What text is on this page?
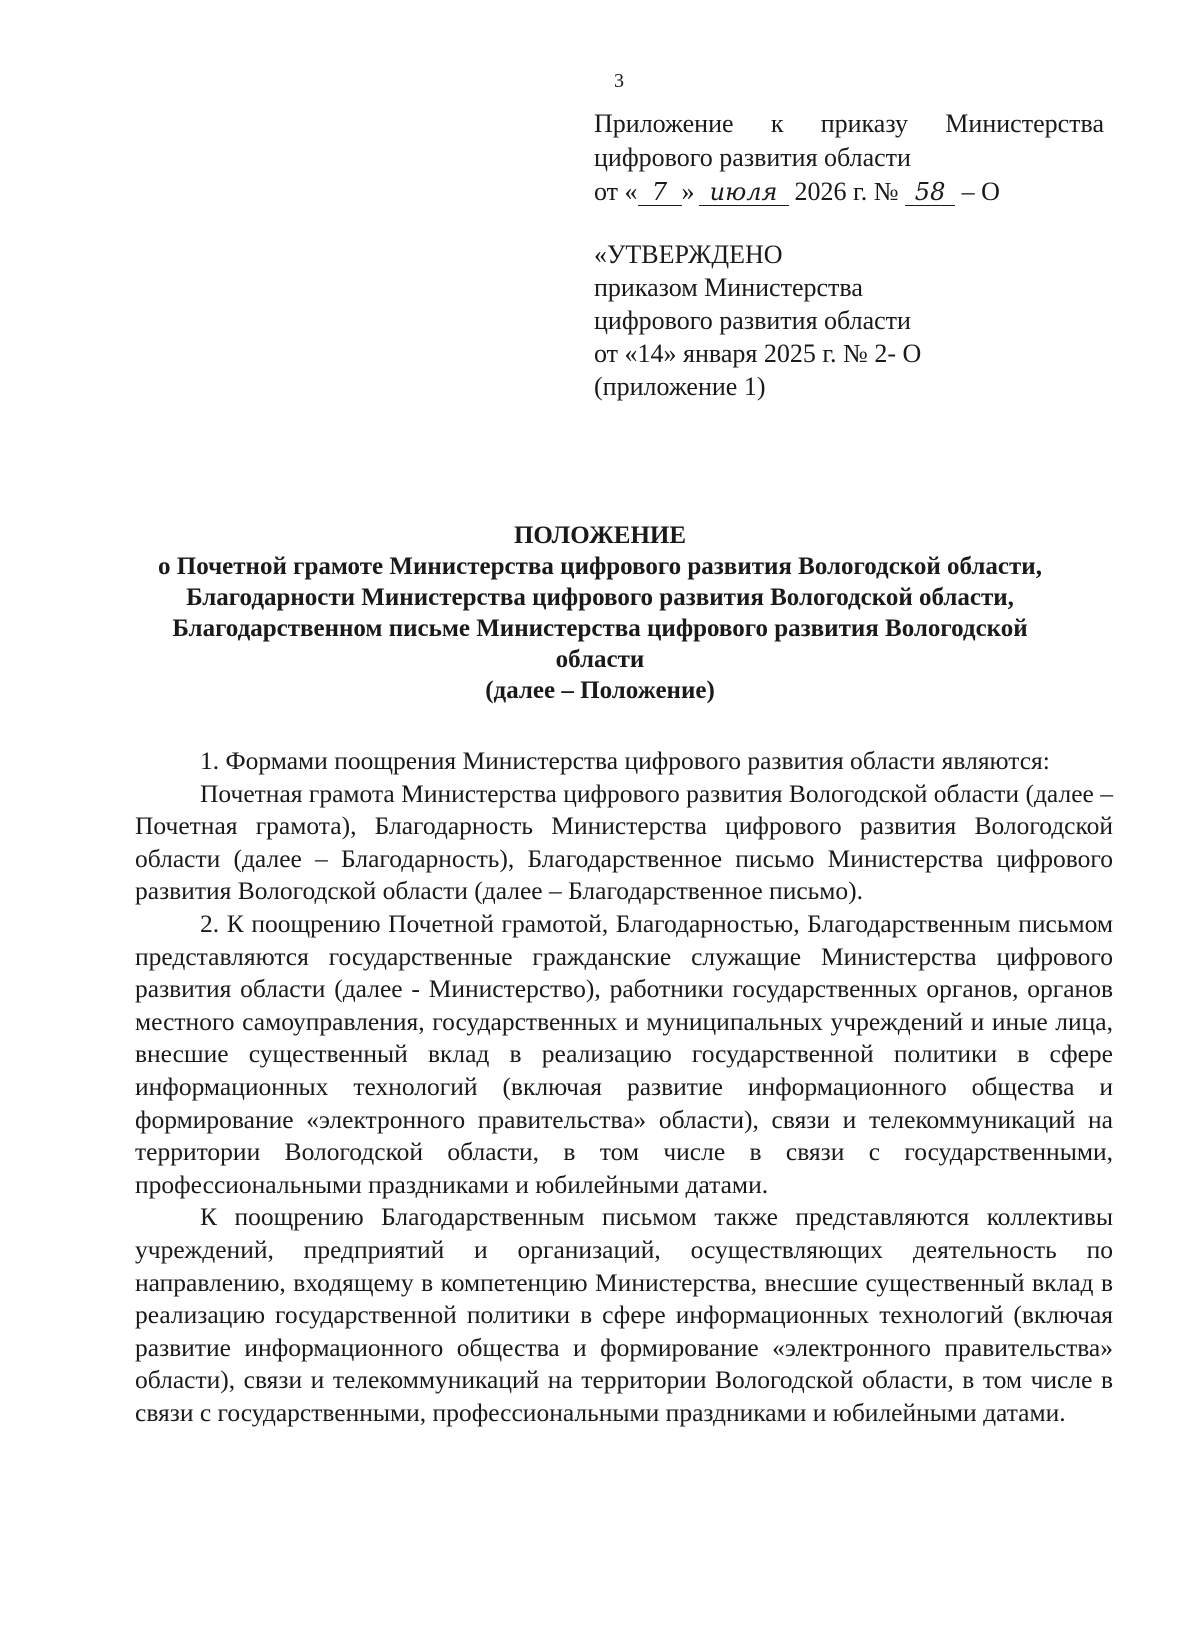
3
Приложение к приказу Министерства
цифрового развития области
от « 7 » июля 2026 г. № 58 – О
«УТВЕРЖДЕНО
приказом Министерства
цифрового развития области
от «14» января 2025 г. № 2- О
(приложение 1)
ПОЛОЖЕНИЕ
о Почетной грамоте Министерства цифрового развития Вологодской области, Благодарности Министерства цифрового развития Вологодской области, Благодарственном письме Министерства цифрового развития Вологодской области
(далее – Положение)

1. Формами поощрения Министерства цифрового развития области являются:

Почетная грамота Министерства цифрового развития Вологодской области (далее – Почетная грамота), Благодарность Министерства цифрового развития Вологодской области (далее – Благодарность), Благодарственное письмо Министерства цифрового развития Вологодской области (далее – Благодарственное письмо).

2. К поощрению Почетной грамотой, Благодарностью, Благодарственным письмом представляются государственные гражданские служащие Министерства цифрового развития области (далее - Министерство), работники государственных органов, органов местного самоуправления, государственных и муниципальных учреждений и иные лица, внесшие существенный вклад в реализацию государственной политики в сфере информационных технологий (включая развитие информационного общества и формирование «электронного правительства» области), связи и телекоммуникаций на территории Вологодской области, в том числе в связи с государственными, профессиональными праздниками и юбилейными датами.

К поощрению Благодарственным письмом также представляются коллективы учреждений, предприятий и организаций, осуществляющих деятельность по направлению, входящему в компетенцию Министерства, внесшие существенный вклад в реализацию государственной политики в сфере информационных технологий (включая развитие информационного общества и формирование «электронного правительства» области), связи и телекоммуникаций на территории Вологодской области, в том числе в связи с государственными, профессиональными праздниками и юбилейными датами.
